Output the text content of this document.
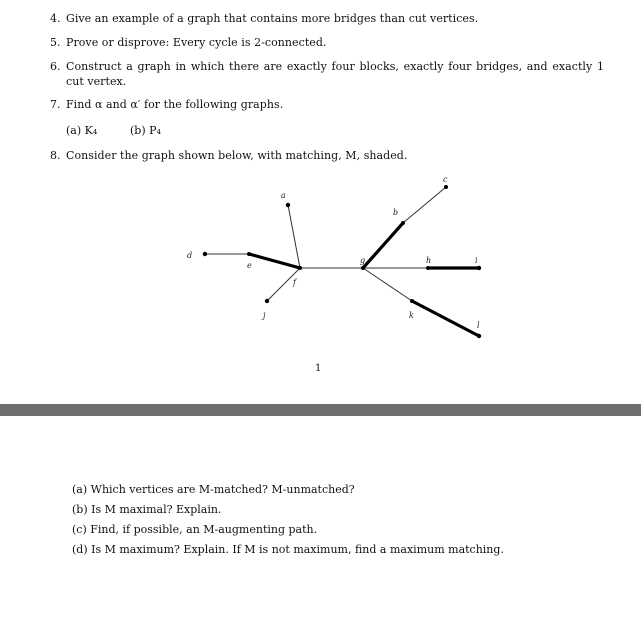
4. Give an example of a graph that contains more bridges than cut vertices.
5. Prove or disprove: Every cycle is 2-connected.
6. Construct a graph in which there are exactly four blocks, exactly four bridges, and exactly 1 cut vertex.
7. Find α and α′ for the following graphs.
(a) K₄	(b) P₄
8. Consider the graph shown below, with matching, M, shaded.
a
b
c
d
e
f
g	h	i
j	k
l
1
(a) Which vertices are M-matched? M-unmatched?
(b) Is M maximal? Explain.
(c) Find, if possible, an M-augmenting path.
(d) Is M maximum? Explain. If M is not maximum, find a maximum matching.
